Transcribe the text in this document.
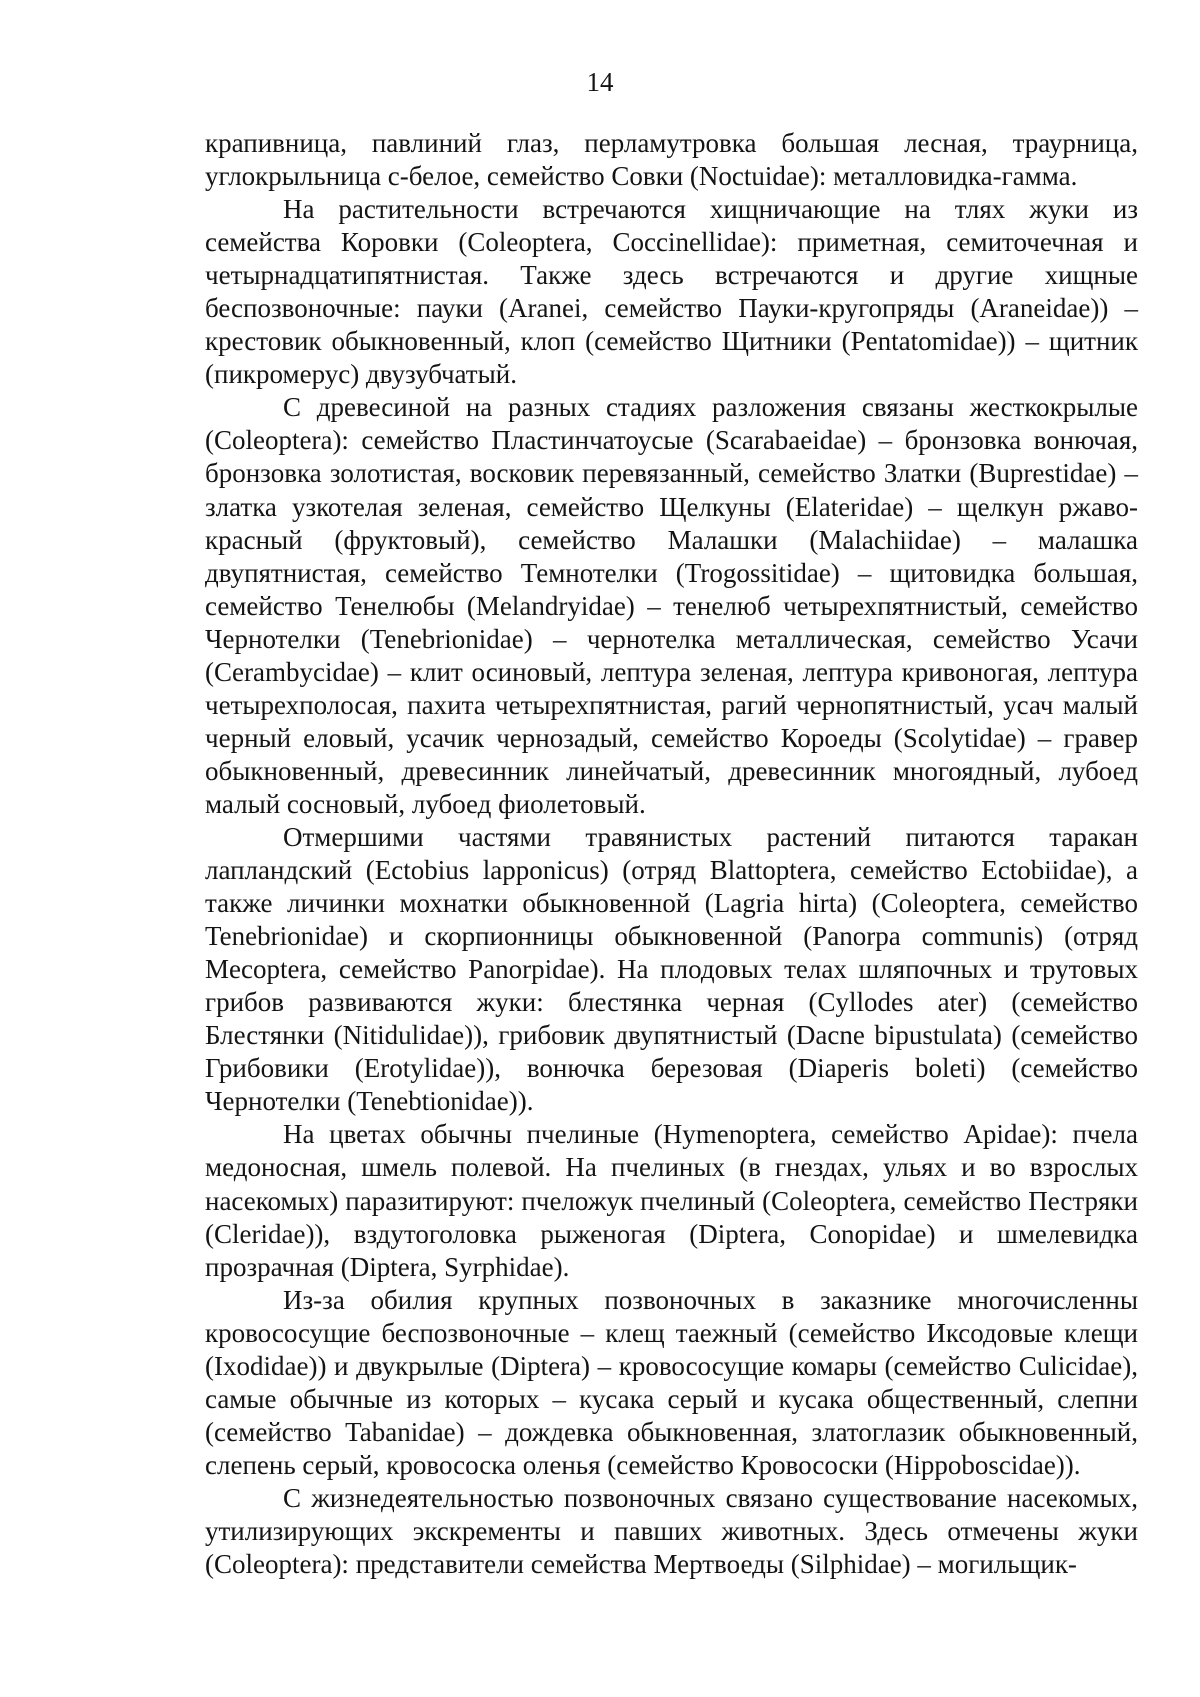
14

крапивница, павлиний глаз, перламутровка большая лесная, траурница, углокрыльница с-белое, семейство Совки (Noctuidae): металловидка-гамма.

На растительности встречаются хищничающие на тлях жуки из семейства Коровки (Coleoptera, Coccinellidae): приметная, семиточечная и четырнадцатипятнистая. Также здесь встречаются и другие хищные беспозвоночные: пауки (Aranei, семейство Пауки-кругопряды (Araneidae)) – крестовик обыкновенный, клоп (семейство Щитники (Pentatomidae)) – щитник (пикромерус) двузубчатый.

С древесиной на разных стадиях разложения связаны жесткокрылые (Coleoptera): семейство Пластинчатоусые (Scarabaeidae) – бронзовка вонючая, бронзовка золотистая, восковик перевязанный, семейство Златки (Buprestidae) – златка узкотелая зеленая, семейство Щелкуны (Elateridae) – щелкун ржаво-красный (фруктовый), семейство Малашки (Malachiidae) – малашка двупятнистая, семейство Темнотелки (Trogossitidae) – щитовидка большая, семейство Тенелюбы (Melandryidae) – тенелюб четырехпятнистый, семейство Чернотелки (Tenebrionidae) – чернотелка металлическая, семейство Усачи (Cerambycidae) – клит осиновый, лептура зеленая, лептура кривоногая, лептура четырехполосая, пахита четырехпятнистая, рагий чернопятнистый, усач малый черный еловый, усачик чернозадый, семейство Короеды (Scolytidae) – гравер обыкновенный, древесинник линейчатый, древесинник многоядный, лубоед малый сосновый, лубоед фиолетовый.

Отмершими частями травянистых растений питаются таракан лапландский (Ectobius lapponicus) (отряд Blattoptera, семейство Ectobiidae), а также личинки мохнатки обыкновенной (Lagria hirta) (Coleoptera, семейство Tenebrionidae) и скорпионницы обыкновенной (Panorpa communis) (отряд Mecoptera, семейство Panorpidae). На плодовых телах шляпочных и трутовых грибов развиваются жуки: блестянка черная (Cyllodes ater) (семейство Блестянки (Nitidulidae)), грибовик двупятнистый (Dacne bipustulata) (семейство Грибовики (Erotylidae)), вонючка березовая (Diaperis boleti) (семейство Чернотелки (Tenebtionidae)).

На цветах обычны пчелиные (Hymenoptera, семейство Apidae): пчела медоносная, шмель полевой. На пчелиных (в гнездах, ульях и во взрослых насекомых) паразитируют: пчеложук пчелиный (Coleoptera, семейство Пестряки (Cleridae)), вздутоголовка рыженогая (Diptera, Conopidae) и шмелевидка прозрачная (Diptera, Syrphidae).

Из-за обилия крупных позвоночных в заказнике многочисленны кровососущие беспозвоночные – клещ таежный (семейство Иксодовые клещи (Ixodidae)) и двукрылые (Diptera) – кровососущие комары (семейство Culicidae), самые обычные из которых – кусака серый и кусака общественный, слепни (семейство Tabanidae) – дождевка обыкновенная, златоглазик обыкновенный, слепень серый, кровососка оленья (семейство Кровососки (Hippoboscidae)).

С жизнедеятельностью позвоночных связано существование насекомых, утилизирующих экскременты и павших животных. Здесь отмечены жуки (Coleoptera): представители семейства Мертвоеды (Silphidae) – могильщик-
